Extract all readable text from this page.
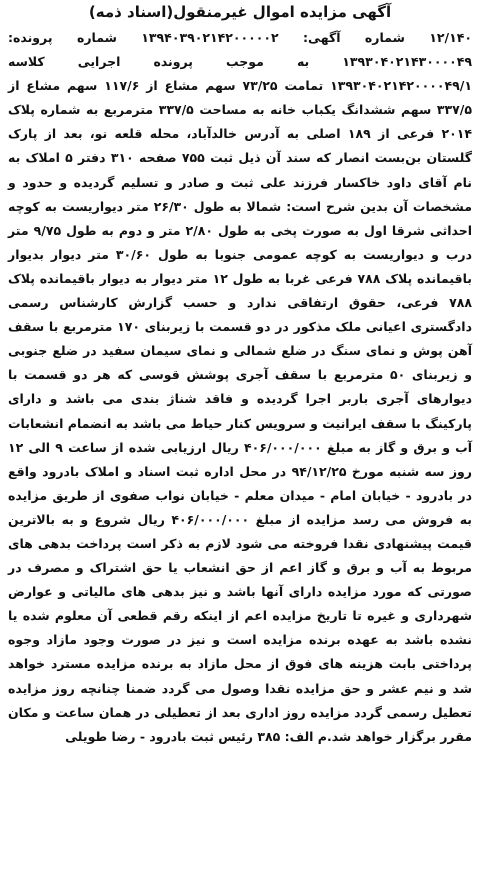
آگهی مزایده اموال غیرمنقول(اسناد ذمه)

۱۲/۱۴۰ شماره آگهی: ۱۳۹۴۰۳۹۰۲۱۴۲۰۰۰۰۰۲ شماره پرونده: ۱۳۹۳۰۴۰۲۱۴۳۰۰۰۰۴۹ به موجب پرونده اجرایی کلاسه ۱۳۹۳۰۴۰۲۱۴۲۰۰۰۰۴۹/۱ تمامت ۷۳/۲۵ سهم مشاع از ۱۱۷/۶ سهم مشاع از ۳۳۷/۵ سهم ششدانگ یکباب خانه به مساحت ۳۳۷/۵ مترمربع به شماره پلاک ۲۰۱۴ فرعی از ۱۸۹ اصلی به آدرس خالدآباد، محله قلعه نو، بعد از پارک گلستان بن‌بست انصار که سند آن ذیل ثبت ۷۵۵ صفحه ۳۱۰ دفتر ۵ املاک به نام آقای داود خاکسار فرزند علی ثبت و صادر و تسلیم گردیده و حدود و مشخصات آن بدین شرح است: شمالا به طول ۲۶/۳۰ متر دیواریست به کوچه احداثی شرقا اول به صورت پخی به طول ۲/۸۰ متر و دوم به طول ۹/۷۵ متر درب و دیواریست به کوچه عمومی جنوبا به طول ۳۰/۶۰ متر دیوار بدیوار باقیمانده پلاک ۷۸۸ فرعی غربا به طول ۱۲ متر دیوار به دیوار باقیمانده پلاک ۷۸۸ فرعی، حقوق ارتفاقی ندارد و حسب گزارش کارشناس رسمی دادگستری اعیانی ملک مذکور در دو قسمت با زیربنای ۱۷۰ مترمربع با سقف آهن پوش و نمای سنگ در ضلع شمالی و نمای سیمان سفید در ضلع جنوبی و زیربنای ۵۰ مترمربع با سقف آجری پوشش قوسی که هر دو قسمت با دیوارهای آجری باربر اجرا گردیده و فاقد شناژ بندی می باشد و دارای پارکینگ با سقف ایرانیت و سرویس کنار حیاط می باشد به انضمام انشعابات آب و برق و گاز به مبلغ ۴۰۶/۰۰۰/۰۰۰ ریال ارزیابی شده از ساعت ۹ الی ۱۲ روز سه شنبه مورخ ۹۴/۱۲/۲۵ در محل اداره ثبت اسناد و املاک بادرود واقع در بادرود - خیابان امام - میدان معلم - خیابان نواب صفوی از طریق مزایده به فروش می رسد مزایده از مبلغ ۴۰۶/۰۰۰/۰۰۰ ریال شروع و به بالاترین قیمت پیشنهادی نقدا فروخته می شود لازم به ذکر است پرداخت بدهی های مربوط به آب و برق و گاز اعم از حق انشعاب یا حق اشتراک و مصرف در صورتی که مورد مزایده دارای آنها باشد و نیز بدهی های مالیاتی و عوارض شهرداری و غیره تا تاریخ مزایده اعم از اینکه رقم قطعی آن معلوم شده یا نشده باشد به عهده برنده مزایده است و نیز در صورت وجود مازاد وجوه پرداختی بابت هزینه های فوق از محل مازاد به برنده مزایده مسترد خواهد شد و نیم عشر و حق مزایده نقدا وصول می گردد ضمنا چنانچه روز مزایده تعطیل رسمی گردد مزایده روز اداری بعد از تعطیلی در همان ساعت و مکان مقرر برگزار خواهد شد.م الف: ۳۸۵ رئیس ثبت بادرود - رضا طویلی
